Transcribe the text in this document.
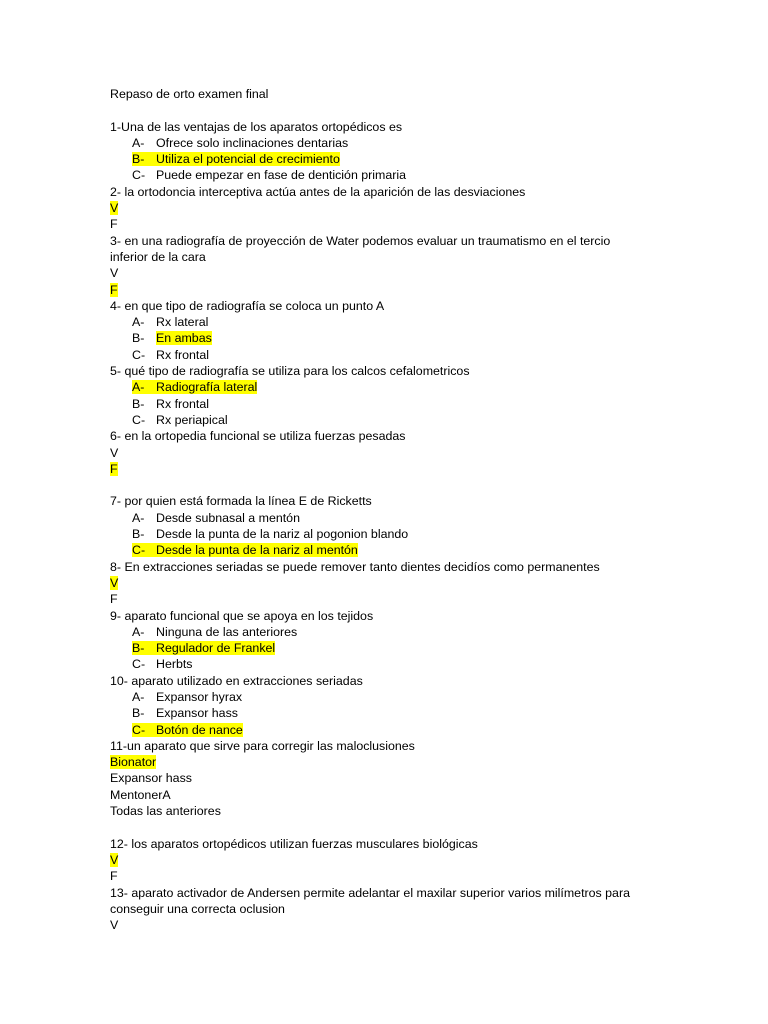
Repaso de orto examen final
1-Una de las ventajas de los aparatos ortopédicos es
A- Ofrece solo inclinaciones dentarias
B- Utiliza el potencial de crecimiento
C- Puede empezar en fase de dentición primaria
2- la ortodoncia interceptiva actúa antes de la aparición de las desviaciones
V
F
3- en una radiografía de proyección de Water podemos evaluar un traumatismo en el tercio inferior de la cara
V
F
4- en que tipo de radiografía se coloca un punto A
A- Rx lateral
B- En ambas
C- Rx frontal
5- qué tipo de radiografía se utiliza para los calcos cefalometricos
A- Radiografía lateral
B- Rx frontal
C- Rx periapical
6- en la ortopedia funcional se utiliza fuerzas pesadas
V
F
7- por quien está formada la línea E de Ricketts
A- Desde subnasal a mentón
B- Desde la punta de la nariz al pogonion blando
C- Desde la punta de la nariz al mentón
8- En extracciones seriadas se puede remover tanto dientes decidíos como permanentes
V
F
9- aparato funcional que se apoya en los tejidos
A- Ninguna de las anteriores
B- Regulador de Frankel
C- Herbts
10- aparato utilizado en extracciones seriadas
A- Expansor hyrax
B- Expansor hass
C- Botón de nance
11-un aparato que sirve para corregir las maloclusiones
Bionator
Expansor hass
MentonerA
Todas las anteriores
12- los aparatos ortopédicos utilizan fuerzas musculares biológicas
V
F
13- aparato activador de Andersen permite adelantar el maxilar superior varios milímetros para conseguir una correcta oclusion
V
